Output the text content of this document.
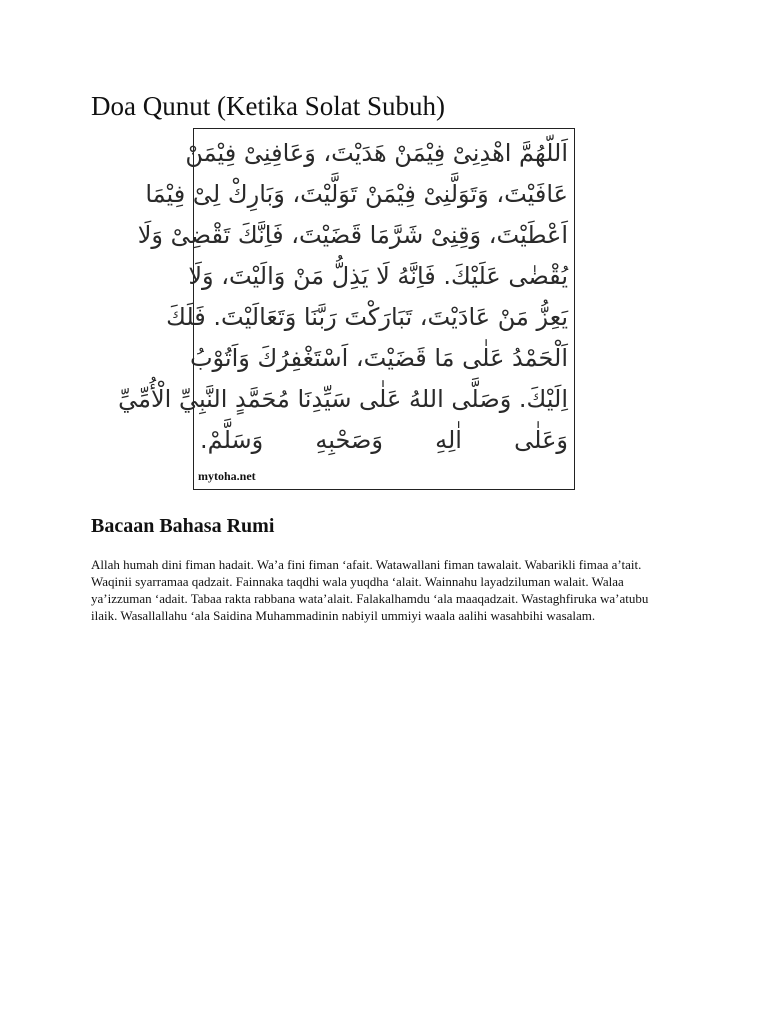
Doa Qunut (Ketika Solat Subuh)
اَللّهُمَّ اهْدِنِىْ فِيْمَنْ هَدَيْتَ، وَعَافِنِىْ فِيْمَنْ
عَافَيْتَ، وَتَوَلَّنِىْ فِيْمَنْ تَوَلَّيْتَ، وَبَارِكْ لِىْ فِيْمَا
اَعْطَيْتَ، وَقِنِىْ شَرَّمَا قَضَيْتَ، فَاِنَّكَ تَقْضِىْ وَلَا
يُقْضٰى عَلَيْكَ. فَاِنَّهُ لَا يَذِلُّ مَنْ وَالَيْتَ، وَلَا
يَعِزُّ مَنْ عَادَيْتَ، تَبَارَكْتَ رَبَّنَا وَتَعَالَيْتَ. فَلَكَ
اَلْحَمْدُ عَلٰى مَا قَضَيْتَ، اَسْتَغْفِرُكَ وَاَتُوْبُ
اِلَيْكَ. وَصَلَّى اللهُ عَلٰى سَيِّدِنَا مُحَمَّدٍ النَّبِيِّ الْأُمِّيِّ
وَعَلٰى اٰلِهِ وَصَحْبِهِ وَسَلَّمْ.
mytoha.net
Bacaan Bahasa Rumi

Allah humah dini fiman hadait. Wa’a fini fiman ‘afait. Watawallani fiman tawalait. Wabarikli fimaa a’tait. Waqinii syarramaa qadzait. Fainnaka taqdhi wala yuqdha ‘alait. Wainnahu layadziluman walait. Walaa ya’izzuman ‘adait. Tabaa rakta rabbana wata’alait. Falakalhamdu ‘ala maaqadzait. Wastaghfiruka wa’atubu ilaik. Wasallallahu ‘ala Saidina Muhammadinin nabiyil ummiyi waala aalihi wasahbihi wasalam.
